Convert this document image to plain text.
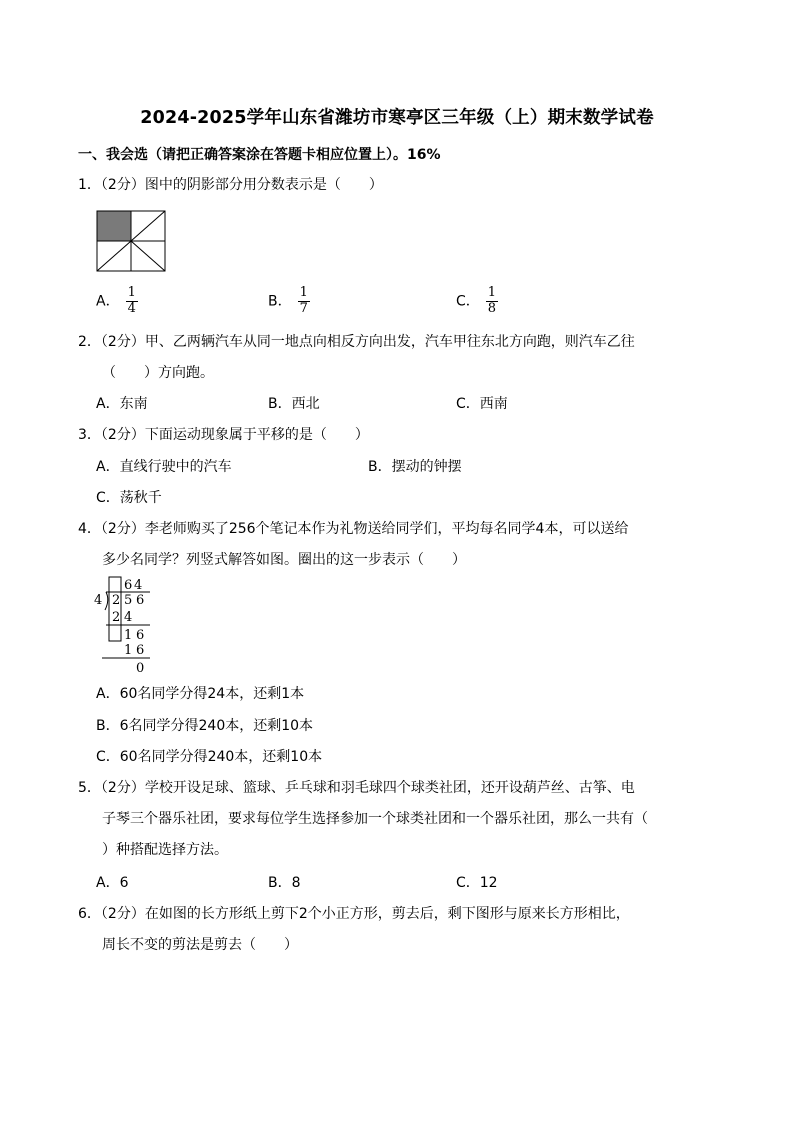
2024-2025学年山东省潍坊市寒亭区三年级（上）期末数学试卷
一、我会选（请把正确答案涂在答题卡相应位置上）。16%
1．（2分）图中的阴影部分用分数表示是（　　）
A． $\frac{1}{4}$	B． $\frac{1}{7}$	C． $\frac{1}{8}$
2．（2分）甲、乙两辆汽车从同一地点向相反方向出发，汽车甲往东北方向跑，则汽车乙往
（　　）方向跑。
A．东南	B．西北	C．西南
3．（2分）下面运动现象属于平移的是（　　）
A．直线行驶中的汽车	B．摆动的钟摆
C．荡秋千
4．（2分）李老师购买了256个笔记本作为礼物送给同学们，平均每名同学4本，可以送给
多少名同学？列竖式解答如图。圈出的这一步表示（　　）
6 4
4 2 5 6
2 4
1 6
1 6
0
A．60名同学分得24本，还剩1本
B．6名同学分得240本，还剩10本
C．60名同学分得240本，还剩10本
5．（2分）学校开设足球、篮球、乒乓球和羽毛球四个球类社团，还开设葫芦丝、古筝、电
子琴三个器乐社团，要求每位学生选择参加一个球类社团和一个器乐社团，那么一共有（
）种搭配选择方法。
A．6	B．8	C．12
6．（2分）在如图的长方形纸上剪下2个小正方形，剪去后，剩下图形与原来长方形相比，
周长不变的剪法是剪去（　　）
